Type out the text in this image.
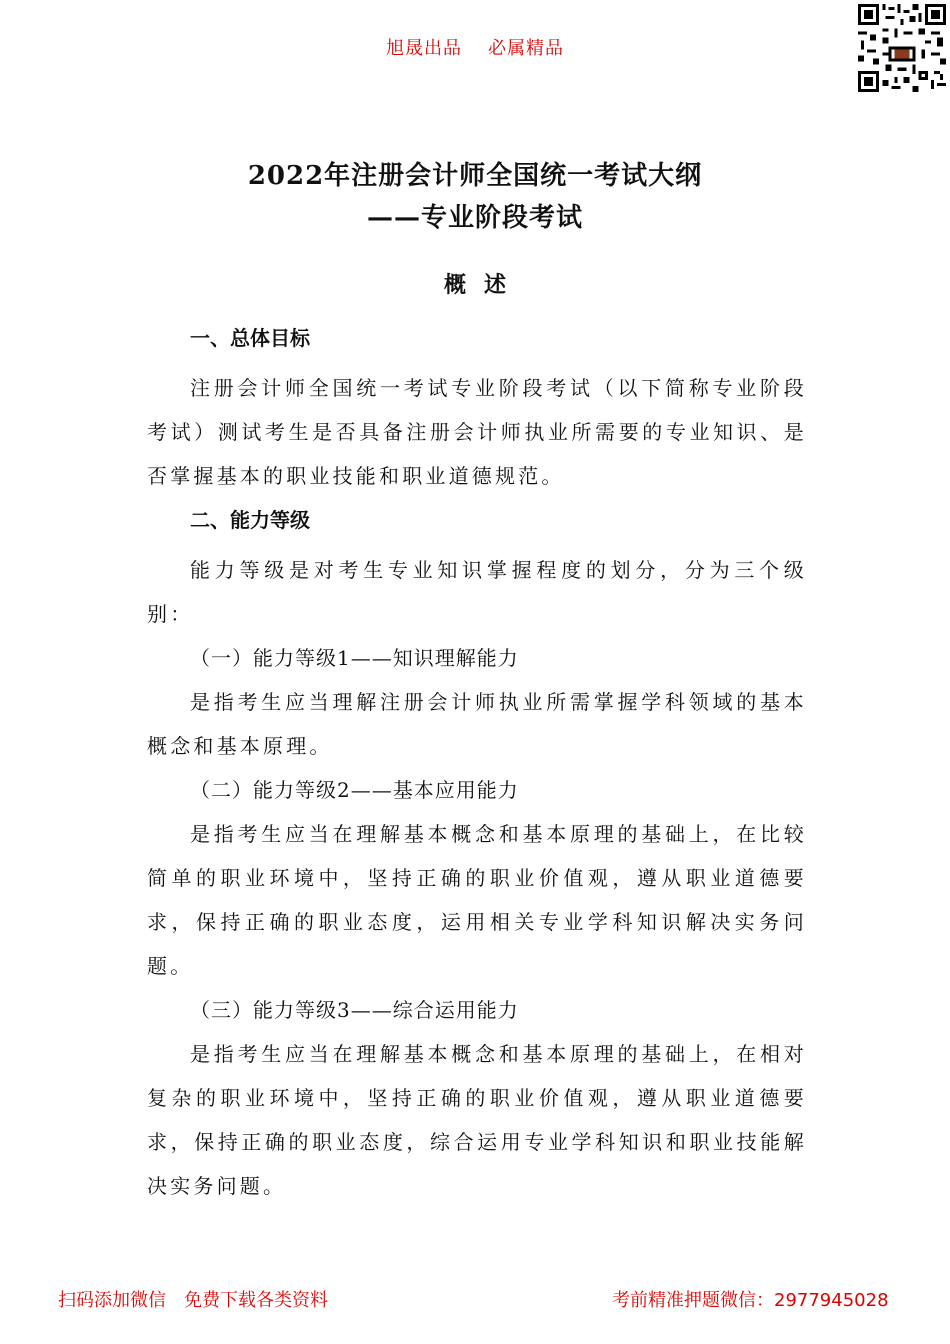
旭晟出品 必属精品
2022年注册会计师全国统一考试大纲
——专业阶段考试
概述
一、总体目标
注册会计师全国统一考试专业阶段考试（以下简称专业阶段考试）测试考生是否具备注册会计师执业所需要的专业知识、是否掌握基本的职业技能和职业道德规范。
二、能力等级
能力等级是对考生专业知识掌握程度的划分，分为三个级别：
（一）能力等级1——知识理解能力
是指考生应当理解注册会计师执业所需掌握学科领域的基本概念和基本原理。
（二）能力等级2——基本应用能力
是指考生应当在理解基本概念和基本原理的基础上，在比较简单的职业环境中，坚持正确的职业价值观，遵从职业道德要求，保持正确的职业态度，运用相关专业学科知识解决实务问题。
（三）能力等级3——综合运用能力
是指考生应当在理解基本概念和基本原理的基础上，在相对复杂的职业环境中，坚持正确的职业价值观，遵从职业道德要求，保持正确的职业态度，综合运用专业学科知识和职业技能解决实务问题。
扫码添加微信 免费下载各类资料	考前精准押题微信：2977945028
